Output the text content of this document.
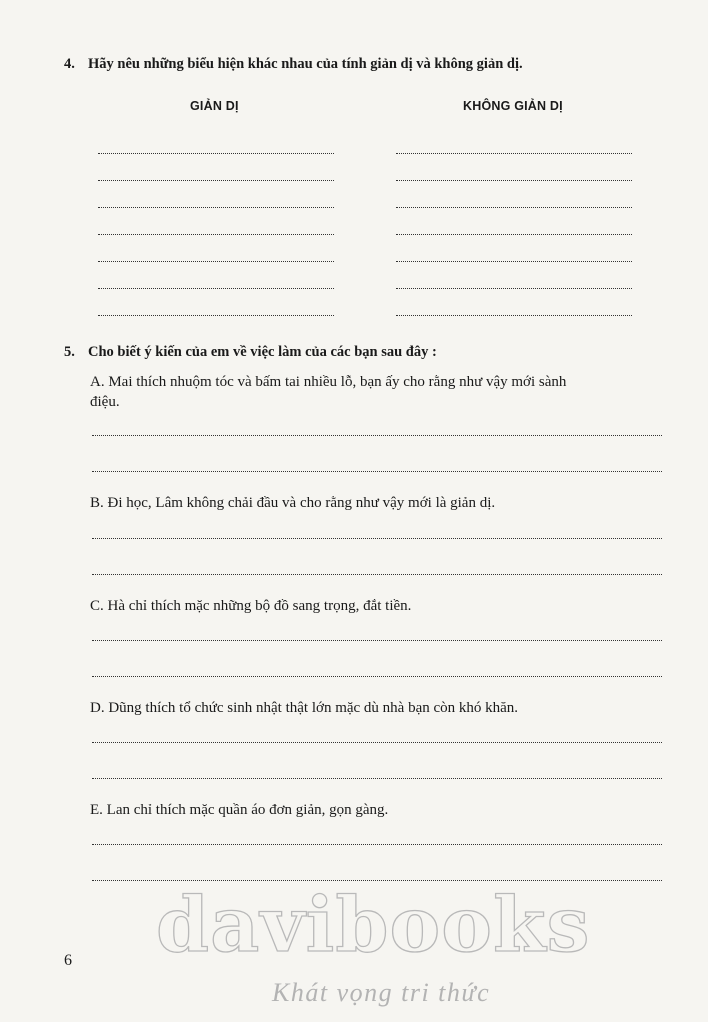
4. Hãy nêu những biểu hiện khác nhau của tính giản dị và không giản dị.
GIẢN DỊ	KHÔNG GIẢN DỊ
5. Cho biết ý kiến của em về việc làm của các bạn sau đây :
A. Mai thích nhuộm tóc và bấm tai nhiều lỗ, bạn ấy cho rằng như vậy mới sành
điệu.
B. Đi học, Lâm không chải đầu và cho rằng như vậy mới là giản dị.
C. Hà chỉ thích mặc những bộ đồ sang trọng, đắt tiền.
D. Dũng thích tổ chức sinh nhật thật lớn mặc dù nhà bạn còn khó khăn.
E. Lan chỉ thích mặc quần áo đơn giản, gọn gàng.
6 davibooks
Khát vọng tri thức
